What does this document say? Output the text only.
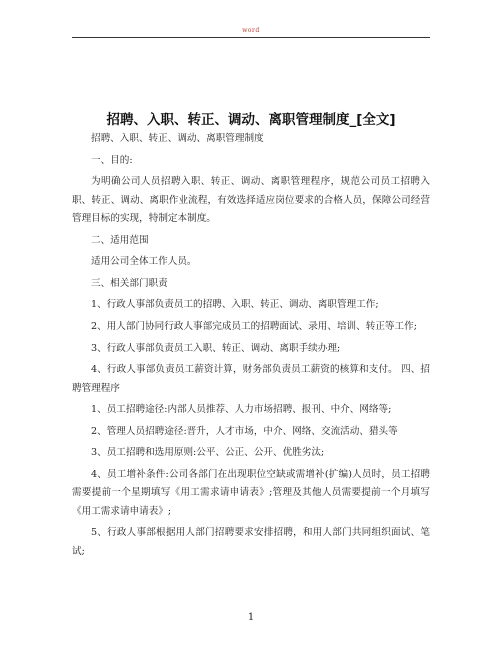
word
招聘、入职、转正、调动、离职管理制度_[全文]

招聘、入职、转正、调动、离职管理制度

一、目的:

为明确公司人员招聘入职、转正、调动、离职管理程序，规范公司员工招聘入职、转正、调动、离职作业流程，有效选择适应岗位要求的合格人员，保障公司经营管理目标的实现，特制定本制度。

二、适用范围

适用公司全体工作人员。

三、相关部门职责

1、行政人事部负责员工的招聘、入职、转正、调动、离职管理工作;

2、用人部门协同行政人事部完成员工的招聘面试、录用、培训、转正等工作;

3、行政人事部负责员工入职、转正、调动、离职手续办理;

4、行政人事部负责员工薪资计算，财务部负责员工薪资的核算和支付。 四、招聘管理程序

1、员工招聘途径:内部人员推荐、人力市场招聘、报刊、中介、网络等;

2、管理人员招聘途径:晋升，人才市场，中介、网络、交流活动、猎头等

3、员工招聘和选用原则:公平、公正、公开、优胜劣汰;

4、员工增补条件:公司各部门在出现职位空缺或需增补(扩编)人员时，员工招聘需要提前一个星期填写《用工需求请申请表》;管理及其他人员需要提前一个月填写《用工需求请申请表》;

5、行政人事部根据用人部门招聘要求安排招聘，和用人部门共同组织面试、笔试;

1
